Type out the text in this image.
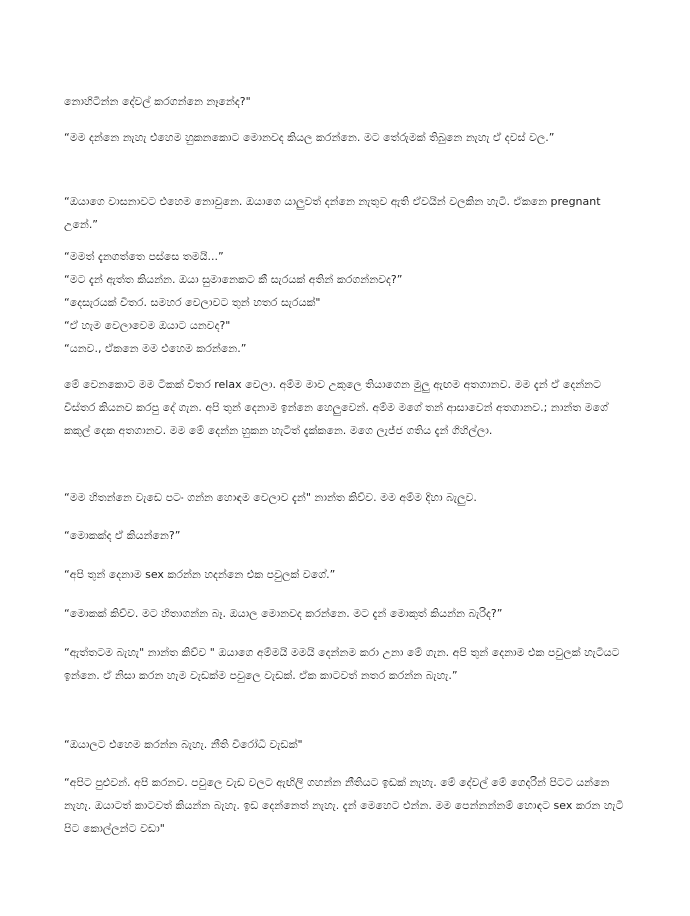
නොහිටින්න දේවල් කරගන්නෙ නෑනේද?"

“මම දන්නෙ නැහැ එහෙම හුකනකොට මොනවද කියල කරන්නෙ. මට තේරුමක් තිබුනෙ නැහැ ඒ දවස් වල.”

“ඔයාගෙ වාසනාවට එහෙම නොවුනෙ. ඔයාගෙ යාලුවත් දන්නෙ නැතුව ඇති ඒවයින් වලකින හැටි. ඒකනෙ pregnant උනේ.”

“මමත් දැනගත්තෙ පස්සෙ තමයි...”

“මට දැන් ඇත්ත කියන්න. ඔයා සුමානෙකට කී සැරයක් අතින් කරගන්නවද?”

“දෙසැරයක් විතර. සමහර වෙලාවට තුන් හතර සැරයක්"

“ඒ හැම වෙලාවෙම ඔයාට යනවද?"

“යනව., ඒකනෙ මම එහෙම කරන්නෙ.”

මේ වෙනකොට මම ටිකක් විතර relax වෙලා. අම්ම මාව උකුලෙ තියාගෙන මුලු ඇඟම අතගානව. මම දැන් ඒ දෙන්නට විස්තර කියනව කරපු දේ ගැන. අපි තුන් දෙනාම ඉන්නෙ හෙලුවෙන්. අම්ම මගේ තන් ආසාවෙන් අතගානව.; නාන්ත මගේ කකුල් දෙක අතගානව. මම මේ දෙන්න හුකන හැටිත් දැක්කනෙ. මගෙ ලැජ්ජ ගතිය දැන් ගිහිල්ලා.

“මම හිතන්නෙ වැඩෙ පටං ගන්න හොඳම වෙලාව දැන්" නාන්ත කිව්ව. මම අම්ම දිහා බැලුව.

“මොකක්ද ඒ කියන්නෙ?”

“අපි තුන් දෙනාම sex කරන්න හදන්නෙ එක පවුලක් වගේ.”

“මොකක් කිව්ව. මට හිතාගන්න බෑ. ඔයාල මොනවද කරන්නෙ. මට දැන් මොකුත් කියන්න බැරිද?”

“ඇත්තටම බැහැ" නාන්ත කිව්ව " ඔයාගෙ අම්මයි මමයි දෙන්නම කරා උනා මේ ගැන. අපි තුන් දෙනාම එක පවුලක් හැටියට ඉන්නෙ. ඒ නිසා කරන හැම වැඩක්ම පවුලෙ වැඩක්. ඒක කාටවත් නතර කරන්න බැහැ.”

“ඔයාලට එහෙම කරන්න බැහැ. නීති විරෝධී වැඩක්"

“අපිට පුළුවන්. අපි කරනව. පවුලෙ වැඩ වලට ඇඟිලි ගහන්න නීතියට ඉඩක් නැහැ. මේ දේවල් මේ ගෙදරින් පිටට යන්නෙ නැහැ. ඔයාටත් කාටවත් කියන්න බැහැ. ඉඩ දෙන්නෙත් නැහැ. දැන් මෙහෙට එන්න. මම පෙන්නන්නම් හොඳට sex කරන හැටි පිට කොල්ලන්ට වඩා"
